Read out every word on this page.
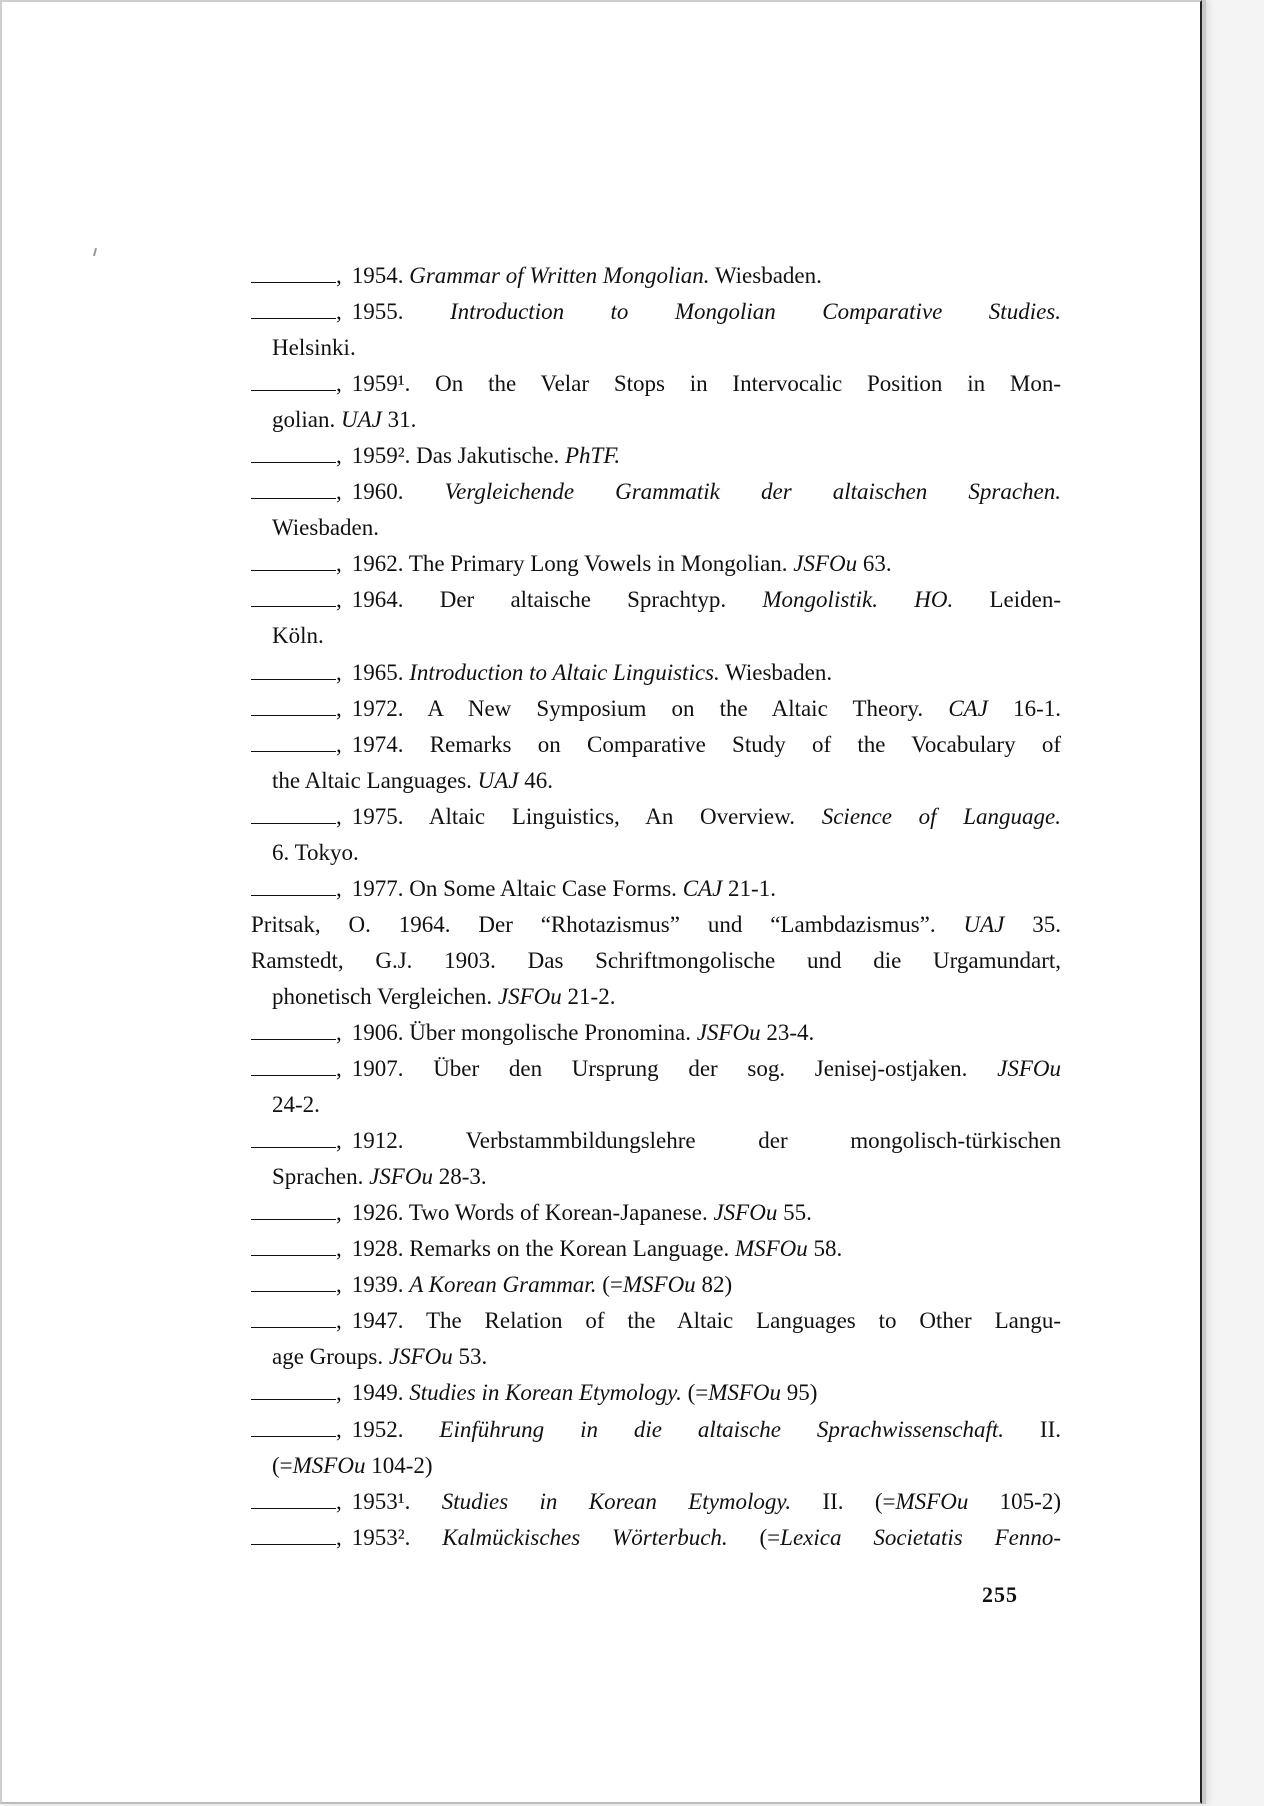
, 1954. Grammar of Written Mongolian. Wiesbaden.
, 1955. Introduction to Mongolian Comparative Studies.
Helsinki.
, 1959¹. On the Velar Stops in Intervocalic Position in Mon-
golian. UAJ 31.
, 1959². Das Jakutische. PhTF.
, 1960. Vergleichende Grammatik der altaischen Sprachen.
Wiesbaden.
, 1962. The Primary Long Vowels in Mongolian. JSFOu 63.
, 1964. Der altaische Sprachtyp. Mongolistik. HO. Leiden-
Köln.
, 1965. Introduction to Altaic Linguistics. Wiesbaden.
, 1972. A New Symposium on the Altaic Theory. CAJ 16-1.
, 1974. Remarks on Comparative Study of the Vocabulary of
the Altaic Languages. UAJ 46.
, 1975. Altaic Linguistics, An Overview. Science of Language.
6. Tokyo.
, 1977. On Some Altaic Case Forms. CAJ 21-1.
Pritsak, O. 1964. Der “Rhotazismus” und “Lambdazismus”. UAJ 35.
Ramstedt, G.J. 1903. Das Schriftmongolische und die Urgamundart,
phonetisch Vergleichen. JSFOu 21-2.
, 1906. Über mongolische Pronomina. JSFOu 23-4.
, 1907. Über den Ursprung der sog. Jenisej-ostjaken. JSFOu
24-2.
, 1912. Verbstammbildungslehre der mongolisch-türkischen
Sprachen. JSFOu 28-3.
, 1926. Two Words of Korean-Japanese. JSFOu 55.
, 1928. Remarks on the Korean Language. MSFOu 58.
, 1939. A Korean Grammar. (=MSFOu 82)
, 1947. The Relation of the Altaic Languages to Other Langu-
age Groups. JSFOu 53.
, 1949. Studies in Korean Etymology. (=MSFOu 95)
, 1952. Einführung in die altaische Sprachwissenschaft. II.
(=MSFOu 104-2)
, 1953¹. Studies in Korean Etymology. II. (=MSFOu 105-2)
, 1953². Kalmückisches Wörterbuch. (=Lexica Societatis Fenno-
255
